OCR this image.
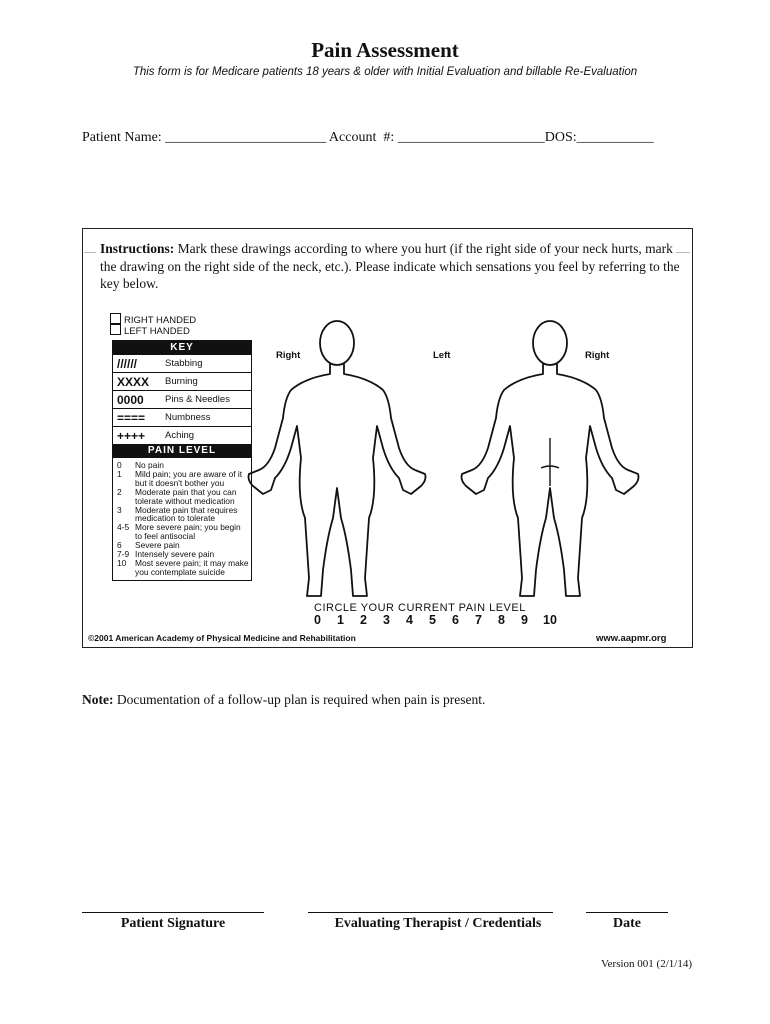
Pain Assessment
This form is for Medicare patients 18 years & older with Initial Evaluation and billable Re-Evaluation
Patient Name: _______________________ Account  #: _____________________DOS:___________
Instructions: Mark these drawings according to where you hurt (if the right side of your neck hurts, mark the drawing on the right side of the neck, etc.). Please indicate which sensations you feel by referring to the key below.
RIGHT HANDED
LEFT HANDED
KEY
//////	Stabbing
XXXX	Burning
0000	Pins & Needles
====	Numbness
++++	Aching
PAIN LEVEL
0	No pain
1	Mild pain; you are aware of it but it doesn't bother you
2	Moderate pain that you can tolerate without medication
3	Moderate pain that requires medication to tolerate
4-5 More severe pain; you begin to feel antisocial
6	Severe pain
7-9 Intensely severe pain
10	Most severe pain; it may make you contemplate suicide
Right	Left	Right
CIRCLE YOUR CURRENT PAIN LEVEL
0 1 2 3 4 5 6 7 8 9 10
©2001 American Academy of Physical Medicine and Rehabilitation	www.aapmr.org
Note: Documentation of a follow-up plan is required when pain is present.
Patient Signature	Evaluating Therapist / Credentials	Date
Version 001 (2/1/14)
